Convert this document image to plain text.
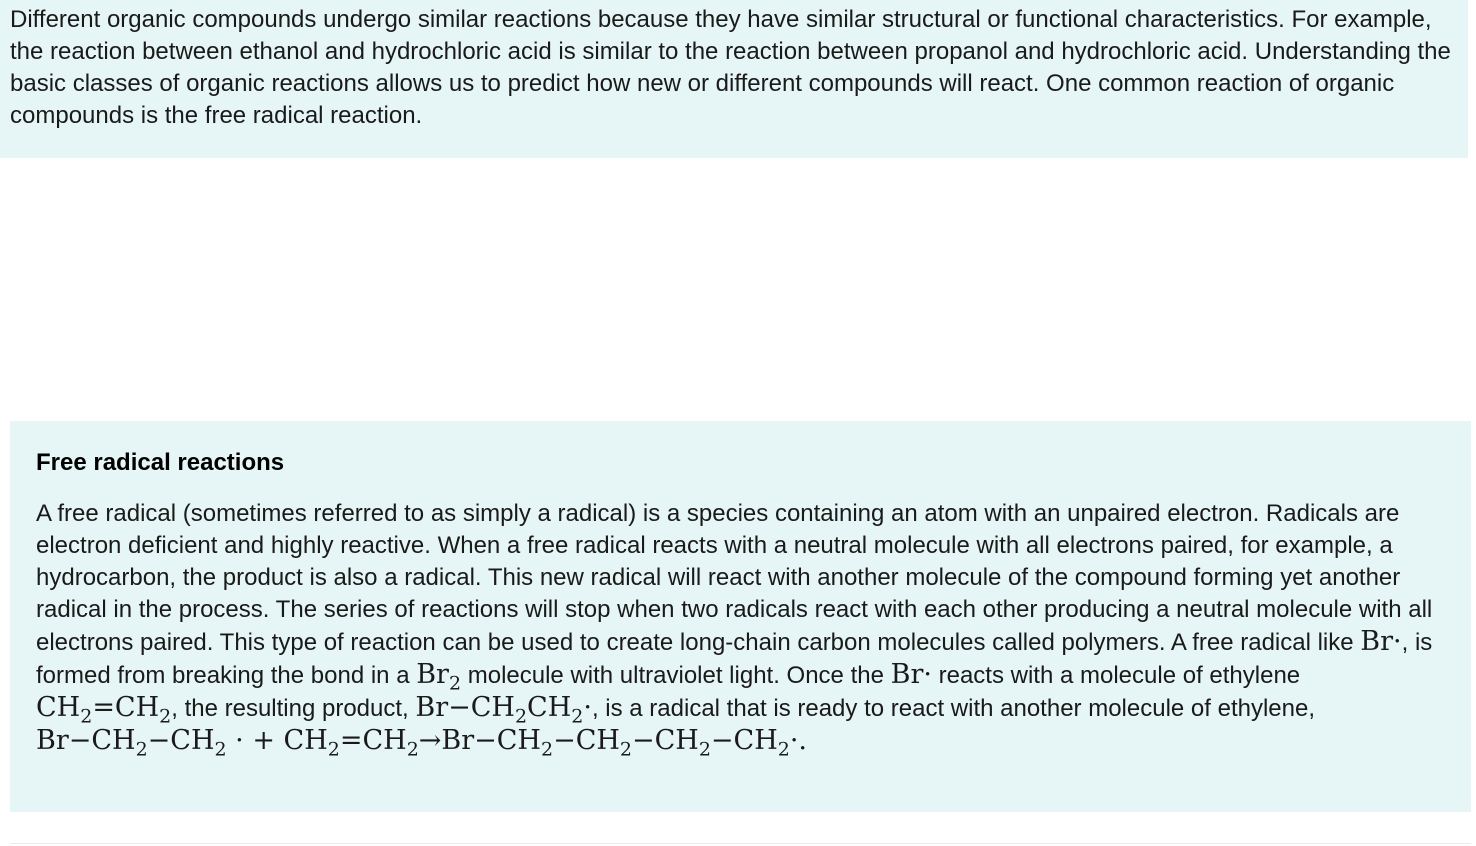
Different organic compounds undergo similar reactions because they have similar structural or functional characteristics. For example, the reaction between ethanol and hydrochloric acid is similar to the reaction between propanol and hydrochloric acid. Understanding the basic classes of organic reactions allows us to predict how new or different compounds will react. One common reaction of organic compounds is the free radical reaction.

Free radical reactions

A free radical (sometimes referred to as simply a radical) is a species containing an atom with an unpaired electron. Radicals are electron deficient and highly reactive. When a free radical reacts with a neutral molecule with all electrons paired, for example, a hydrocarbon, the product is also a radical. This new radical will react with another molecule of the compound forming yet another radical in the process. The series of reactions will stop when two radicals react with each other producing a neutral molecule with all electrons paired. This type of reaction can be used to create long-chain carbon molecules called polymers. A free radical like Br·, is formed from breaking the bond in a $Br_2$ molecule with ultraviolet light. Once the Br· reacts with a molecule of ethylene $CH_2=CH_2$, the resulting product, $Br-CH_2CH_2\cdot$, is a radical that is ready to react with another molecule of ethylene,
$Br-CH_2-CH_2$ · + $CH_2=CH_2\to Br-CH_2-CH_2-CH_2-CH_2\cdot$.
